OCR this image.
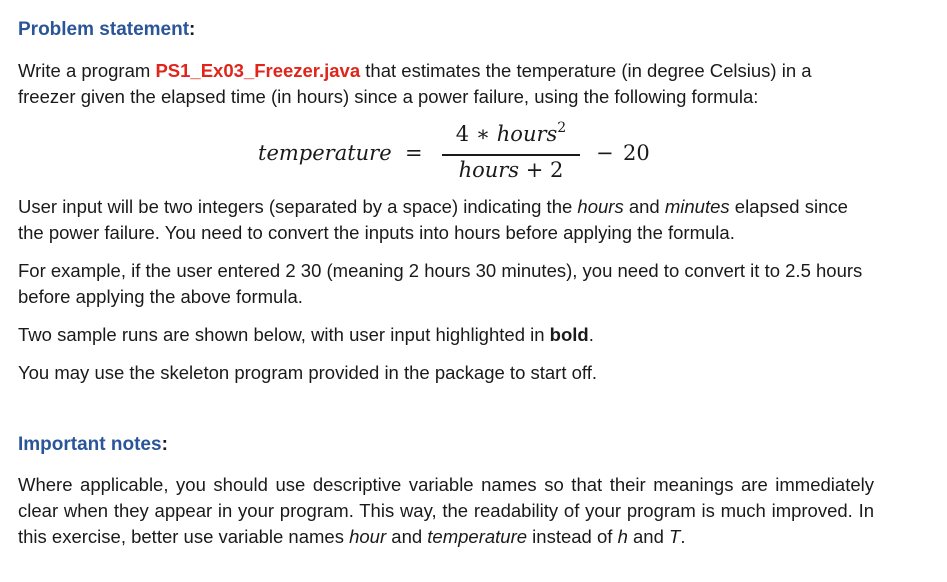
Problem statement:
Write a program PS1_Ex03_Freezer.java that estimates the temperature (in degree Celsius) in a freezer given the elapsed time (in hours) since a power failure, using the following formula:
temperature =
4 ∗ hours$^2$
hours + 2
− 20
User input will be two integers (separated by a space) indicating the hours and minutes elapsed since the power failure. You need to convert the inputs into hours before applying the formula.
For example, if the user entered 2 30 (meaning 2 hours 30 minutes), you need to convert it to 2.5 hours before applying the above formula.
Two sample runs are shown below, with user input highlighted in bold.
You may use the skeleton program provided in the package to start off.
Important notes:
Where applicable, you should use descriptive variable names so that their meanings are immediately clear when they appear in your program. This way, the readability of your program is much improved. In this exercise, better use variable names hour and temperature instead of h and T.
